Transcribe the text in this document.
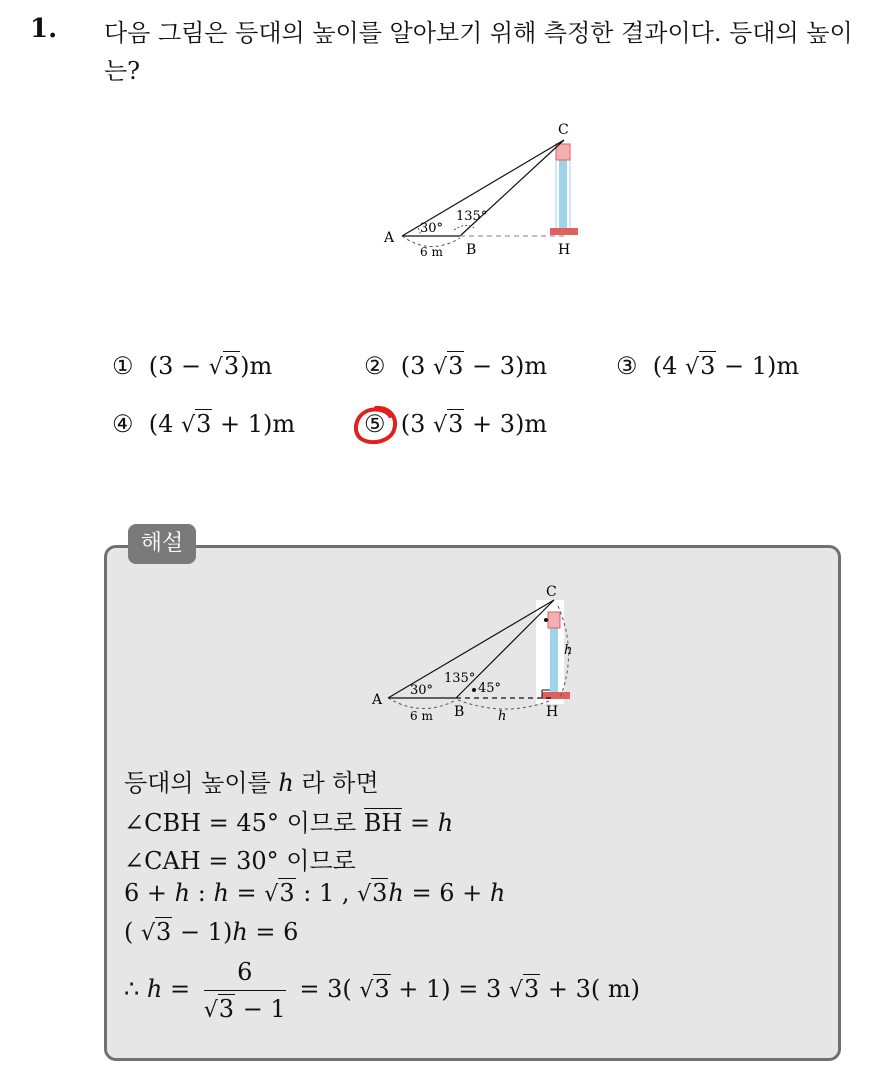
1. 다음 그림은 등대의 높이를 알아보기 위해 측정한 결과이다. 등대의 높이는?
A
B
C
H
30°
135°
6 m
① (3 − √3)m	② (3 √3 − 3)m	③ (4 √3 − 1)m
④ (4 √3 + 1)m	⑤ (3 √3 + 3)m
해설
A
B
C
H
30°
135°
45°
6 m	h
h
등대의 높이를 h 라 하면
∠CBH = 45° 이므로 BH = h
∠CAH = 30° 이므로
6 + h : h = √3 : 1 , √3h = 6 + h
( √3 − 1)h = 6
∴ $h = \frac{6}{√3 - 1} = 3$( √3 + 1) = 3 √3 + 3( m)
